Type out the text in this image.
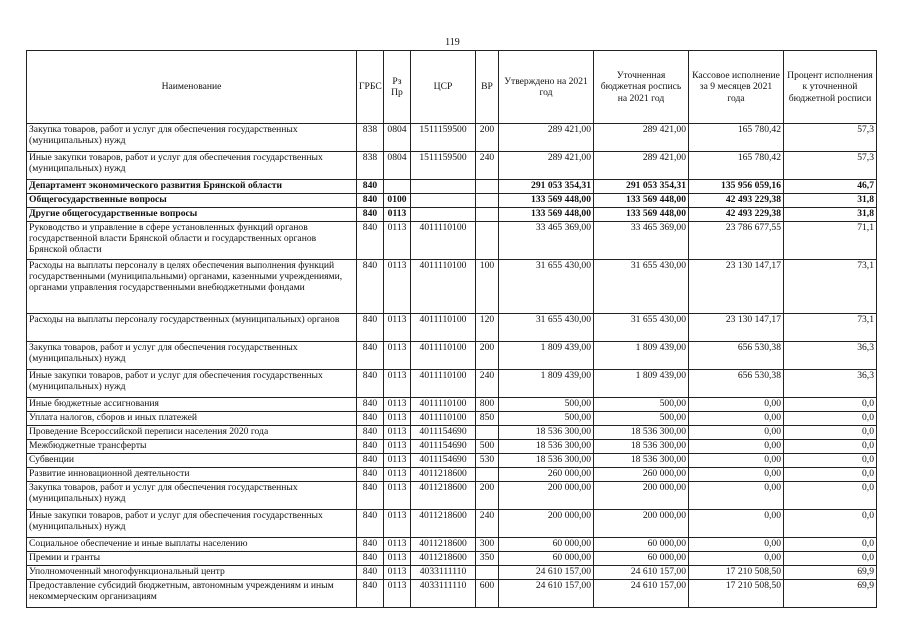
119
Наименование	ГРБС	Рз Пр	ЦСР	ВР	Утверждено на 2021 год	Уточненная бюджетная роспись на 2021 год	Кассовое исполнение за 9 месяцев 2021 года	Процент исполнения к уточненной бюджетной росписи
Закупка товаров, работ и услуг для обеспечения государственных (муниципальных) нужд	838	0804	1511159500	200	289 421,00	289 421,00	165 780,42	57,3
Иные закупки товаров, работ и услуг для обеспечения государственных (муниципальных) нужд	838	0804	1511159500	240	289 421,00	289 421,00	165 780,42	57,3
Департамент экономического развития Брянской области	840				291 053 354,31	291 053 354,31	135 956 059,16	46,7
Общегосударственные вопросы	840	0100			133 569 448,00	133 569 448,00	42 493 229,38	31,8
Другие общегосударственные вопросы	840	0113			133 569 448,00	133 569 448,00	42 493 229,38	31,8
Руководство и управление в сфере установленных функций органов государственной власти Брянской области и государственных органов Брянской области	840	0113	4011110100		33 465 369,00	33 465 369,00	23 786 677,55	71,1
Расходы на выплаты персоналу в целях обеспечения выполнения функций государственными (муниципальными) органами, казенными учреждениями, органами управления государственными внебюджетными фондами	840	0113	4011110100	100	31 655 430,00	31 655 430,00	23 130 147,17	73,1
Расходы на выплаты персоналу государственных (муниципальных) органов	840	0113	4011110100	120	31 655 430,00	31 655 430,00	23 130 147,17	73,1
Закупка товаров, работ и услуг для обеспечения государственных (муниципальных) нужд	840	0113	4011110100	200	1 809 439,00	1 809 439,00	656 530,38	36,3
Иные закупки товаров, работ и услуг для обеспечения государственных (муниципальных) нужд	840	0113	4011110100	240	1 809 439,00	1 809 439,00	656 530,38	36,3
Иные бюджетные ассигнования	840	0113	4011110100	800	500,00	500,00	0,00	0,0
Уплата налогов, сборов и иных платежей	840	0113	4011110100	850	500,00	500,00	0,00	0,0
Проведение Всероссийской переписи населения 2020 года	840	0113	4011154690		18 536 300,00	18 536 300,00	0,00	0,0
Межбюджетные трансферты	840	0113	4011154690	500	18 536 300,00	18 536 300,00	0,00	0,0
Субвенции	840	0113	4011154690	530	18 536 300,00	18 536 300,00	0,00	0,0
Развитие инновационной деятельности	840	0113	4011218600		260 000,00	260 000,00	0,00	0,0
Закупка товаров, работ и услуг для обеспечения государственных (муниципальных) нужд	840	0113	4011218600	200	200 000,00	200 000,00	0,00	0,0
Иные закупки товаров, работ и услуг для обеспечения государственных (муниципальных) нужд	840	0113	4011218600	240	200 000,00	200 000,00	0,00	0,0
Социальное обеспечение и иные выплаты населению	840	0113	4011218600	300	60 000,00	60 000,00	0,00	0,0
Премии и гранты	840	0113	4011218600	350	60 000,00	60 000,00	0,00	0,0
Уполномоченный многофункциональный центр	840	0113	4033111110		24 610 157,00	24 610 157,00	17 210 508,50	69,9
Предоставление субсидий бюджетным, автономным учреждениям и иным некоммерческим организациям	840	0113	4033111110	600	24 610 157,00	24 610 157,00	17 210 508,50	69,9
